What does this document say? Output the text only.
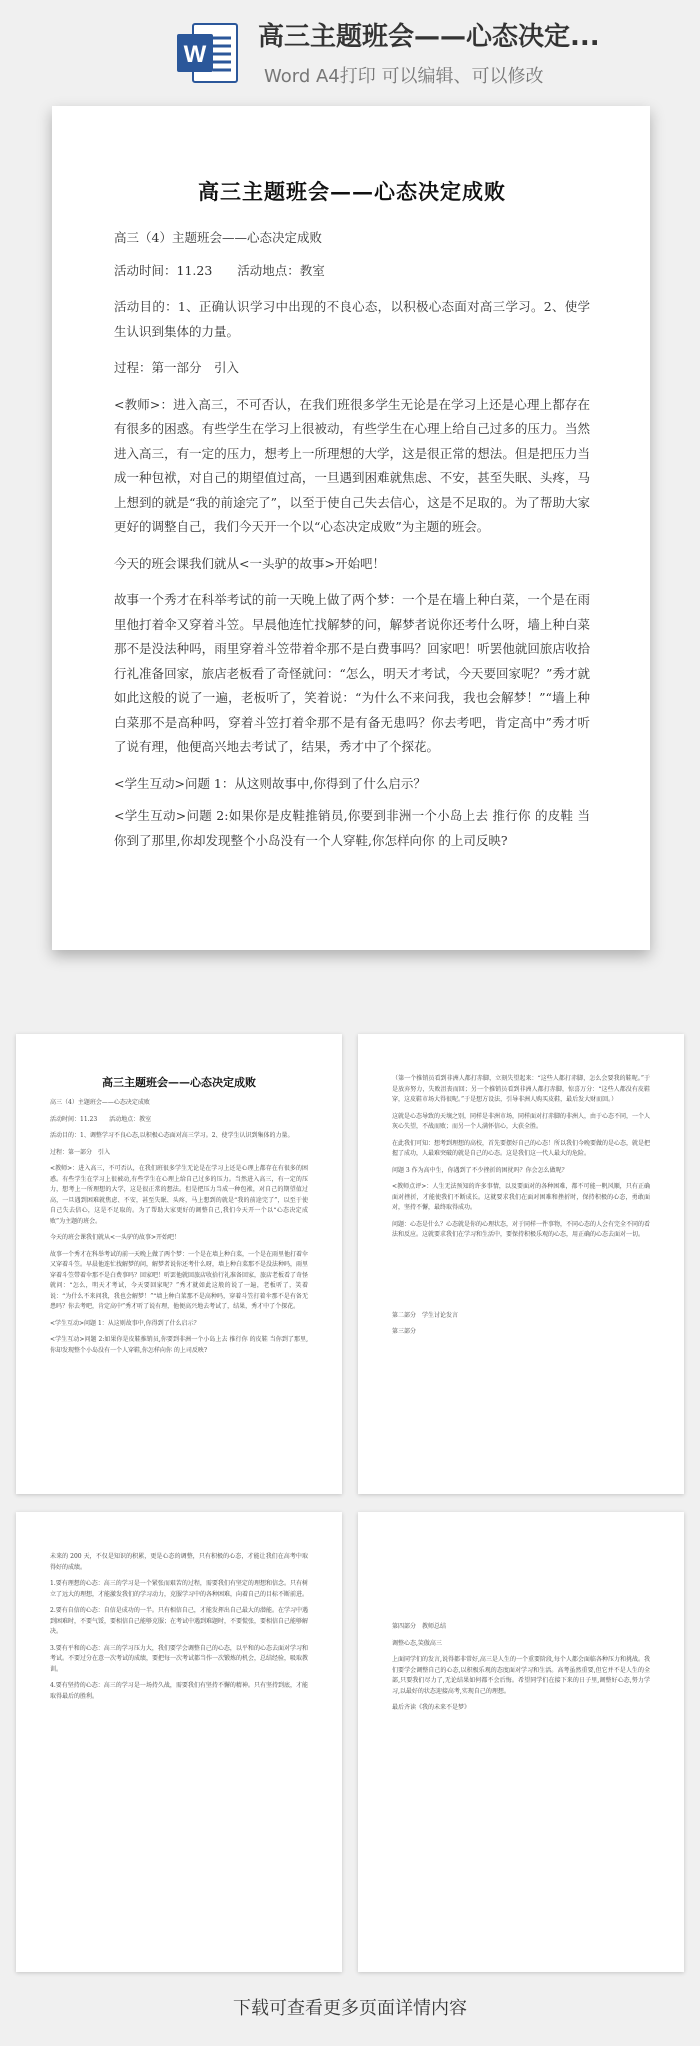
W
高三主题班会——心态决定...
Word A4打印 可以编辑、可以修改
高三主题班会——心态决定成败

高三（4）主题班会——心态决定成败

活动时间：11.23　　活动地点：教室

活动目的：1、正确认识学习中出现的不良心态，以积极心态面对高三学习。2、使学生认识到集体的力量。

过程：第一部分　引入

<教师>：进入高三，不可否认，在我们班很多学生无论是在学习上还是心理上都存在有很多的困惑。有些学生在学习上很被动，有些学生在心理上给自己过多的压力。当然进入高三，有一定的压力，想考上一所理想的大学，这是很正常的想法。但是把压力当成一种包袱，对自己的期望值过高，一旦遇到困难就焦虑、不安，甚至失眠、头疼，马上想到的就是“我的前途完了”，以至于使自己失去信心，这是不足取的。为了帮助大家更好的调整自己，我们今天开一个以“心态决定成败”为主题的班会。

今天的班会课我们就从<一头驴的故事>开始吧！

故事一个秀才在科举考试的前一天晚上做了两个梦：一个是在墙上种白菜，一个是在雨里他打着伞又穿着斗笠。早晨他连忙找解梦的问，解梦者说你还考什么呀，墙上种白菜那不是没法种吗，雨里穿着斗笠带着伞那不是白费事吗？回家吧！听罢他就回旅店收拾行礼准备回家，旅店老板看了奇怪就问：“怎么，明天才考试，今天要回家呢？”秀才就如此这般的说了一遍，老板听了，笑着说：“为什么不来问我，我也会解梦！”“墙上种白菜那不是高种吗，穿着斗笠打着伞那不是有备无患吗？你去考吧，肯定高中”秀才听了说有理，他便高兴地去考试了，结果，秀才中了个探花。

<学生互动>问题 1：从这则故事中,你得到了什么启示？

<学生互动>问题 2:如果你是皮鞋推销员,你要到非洲一个小岛上去 推行你 的皮鞋 当你到了那里,你却发现整个小岛没有一个人穿鞋,你怎样向你 的上司反映?

高三主题班会——心态决定成败

高三（4）主题班会——心态决定成败

活动时间：11.23　　活动地点：教室

活动目的：1、调整学习不良心态,以积极心态面对高三学习。2、使学生认识到集体的力量。

过程：第一部分　引入

<教师>：进入高三，不可否认，在我们班很多学生无论是在学习上还是心理上都存在有很多的困惑。有些学生在学习上很被动,有些学生在心理上给自己过多的压力。当然进入高三，有一定的压力，想考上一所理想的大学，这是很正常的想法。但是把压力当成一种包袱，对自己的期望值过高，一旦遇到困难就焦虑、不安，甚至失眠、头疼，马上想到的就是“我的前途完了”，以至于使自己失去信心，这是不足取的。为了帮助大家更好的调整自己,我们今天开一个以“心态决定成败”为主题的班会。

今天的班会课我们就从<一头驴的故事>开始吧！

故事一个秀才在科举考试的前一天晚上做了两个梦：一个是在墙上种白菜，一个是在雨里他打着伞又穿着斗笠。早晨他连忙找解梦的问，解梦者说你还考什么呀，墙上种白菜那不是没法种吗，雨里穿着斗笠带着伞那不是白费事吗？回家吧！听罢他就回旅店收拾行礼准备回家，旅店老板看了奇怪就问：“怎么，明天才考试，今天要回家呢？”秀才就如此这般的说了一遍，老板听了，笑着说：“为什么不来问我，我也会解梦！”“墙上种白菜那不是高种吗，穿着斗笠打着伞那不是有备无患吗？你去考吧，肯定高中”秀才听了说有理，他便高兴地去考试了，结果，秀才中了个探花。

<学生互动>问题 1：从这则故事中,你得到了什么启示？

<学生互动>问题 2:如果你是皮鞋推销员,你要到非洲一个小岛上去 推行你 的皮鞋 当你到了那里,你却发现整个小岛没有一个人穿鞋,你怎样向你 的上司反映?

（第一个推销员看到非洲人都打赤脚，立刻失望起来：“这些人都打赤脚，怎么会要我的鞋呢。”于是放弃努力，失败沮丧而回；另一个推销员看到非洲人都打赤脚，惊喜万分：“这些人都没有皮鞋穿，这皮鞋市场大得很呢。”于是想方设法，引导非洲人购买皮鞋，最后发大财而回。）

这就是心态导致的天壤之别，同样是非洲市场，同样面对打赤脚的非洲人，由于心态不同，一个人灰心失望，不战而败；而另一个人满怀信心，大获全胜。

在此我们可知：想考到理想的高校，首先要摆好自己的心态！所以我们今晚要做的是心态，就是把握了成功，人最难突破的就是自己的心态。这是我们这一代人最大的危险。

问题 3 作为高中生，你遇到了不少挫折的困扰吗？你会怎么做呢？

<教师点评>：人生无法预知的许多事情，以及要面对的各种困难，都不可能一帆风顺，只有正确面对挫折，才能使我们不断成长。这就要求我们在面对困难和挫折时，保持积极的心态，勇敢面对，坚持不懈，最终取得成功。

问题：心态是什么？心态就是你的心理状态，对于同样一件事物，不同心态的人会有完全不同的看法和反应。这就要求我们在学习和生活中，要保持积极乐观的心态，用正确的心态去面对一切。

第二部分　学生讨论发言

第三部分

未来的 200 天，不仅是知识的积累，更是心态的调整，只有积极的心态，才能让我们在高考中取得好的成绩。

1.要有理想的心态：高三的学习是一个紧张而艰苦的过程，需要我们有坚定的理想和信念。只有树立了远大的理想，才能激发我们的学习动力，克服学习中的各种困难，向着自己的目标不断前进。

2.要有自信的心态：自信是成功的一半。只有相信自己，才能发挥出自己最大的潜能。在学习中遇到困难时，不要气馁，要相信自己能够克服；在考试中遇到难题时，不要慌张，要相信自己能够解决。

3.要有平和的心态：高三的学习压力大，我们要学会调整自己的心态，以平和的心态去面对学习和考试。不要过分在意一次考试的成绩，要把每一次考试都当作一次锻炼的机会，总结经验，吸取教训。

4.要有坚持的心态：高三的学习是一场持久战，需要我们有坚持不懈的精神。只有坚持到底，才能取得最后的胜利。

第四部分　教师总结

调整心态,笑傲高三

上面同学们的发言,说得都非常好,高三是人生的一个重要阶段,每个人都会面临各种压力和挑战。我们要学会调整自己的心态,以积极乐观的态度面对学习和生活。高考虽然重要,但它并不是人生的全部,只要我们尽力了,无论结果如何都不会后悔。希望同学们在接下来的日子里,调整好心态,努力学习,以最好的状态迎接高考,实现自己的理想。

最后齐读《我的未来不是梦》

下载可查看更多页面详情内容
